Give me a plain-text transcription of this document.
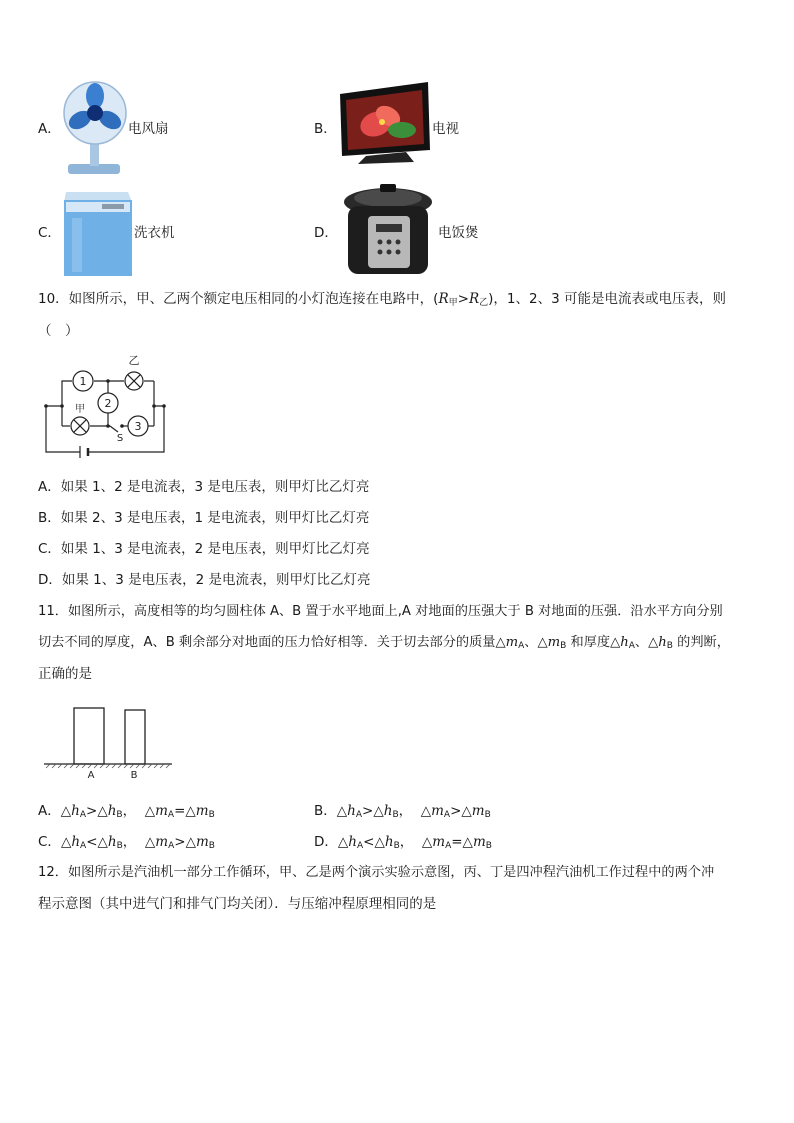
A．	电风扇	B．	电视
C．	洗衣机	D．	电饭煲
10．如图所示，甲、乙两个额定电压相同的小灯泡连接在电路中，$(R_甲>R_乙)$，1、2、3 可能是电流表或电压表，则
（　）
1
乙
2
甲
S
3
A．如果 1、2 是电流表，3 是电压表，则甲灯比乙灯亮
B．如果 2、3 是电压表，1 是电流表，则甲灯比乙灯亮
C．如果 1、3 是电流表，2 是电压表，则甲灯比乙灯亮
D．如果 1、3 是电压表，2 是电流表，则甲灯比乙灯亮
11．如图所示，高度相等的均匀圆柱体 A、B 置于水平地面上,A 对地面的压强大于 B 对地面的压强．沿水平方向分别
切去不同的厚度，A、B 剩余部分对地面的压力恰好相等．关于切去部分的质量$\triangle m_A$、$\triangle m_B$ 和厚度$\triangle h_A$、$\triangle h_B$ 的判断，
正确的是
A	B
A．$\triangle h_A>\triangle h_B$， $\triangle m_A=\triangle m_B$	B．$\triangle h_A>\triangle h_B$， $\triangle m_A>\triangle m_B$
C．$\triangle h_A<\triangle h_B$， $\triangle m_A>\triangle m_B$	D．$\triangle h_A<\triangle h_B$， $\triangle m_A=\triangle m_B$
12．如图所示是汽油机一部分工作循环，甲、乙是两个演示实验示意图，丙、丁是四冲程汽油机工作过程中的两个冲
程示意图（其中进气门和排气门均关闭）．与压缩冲程原理相同的是
